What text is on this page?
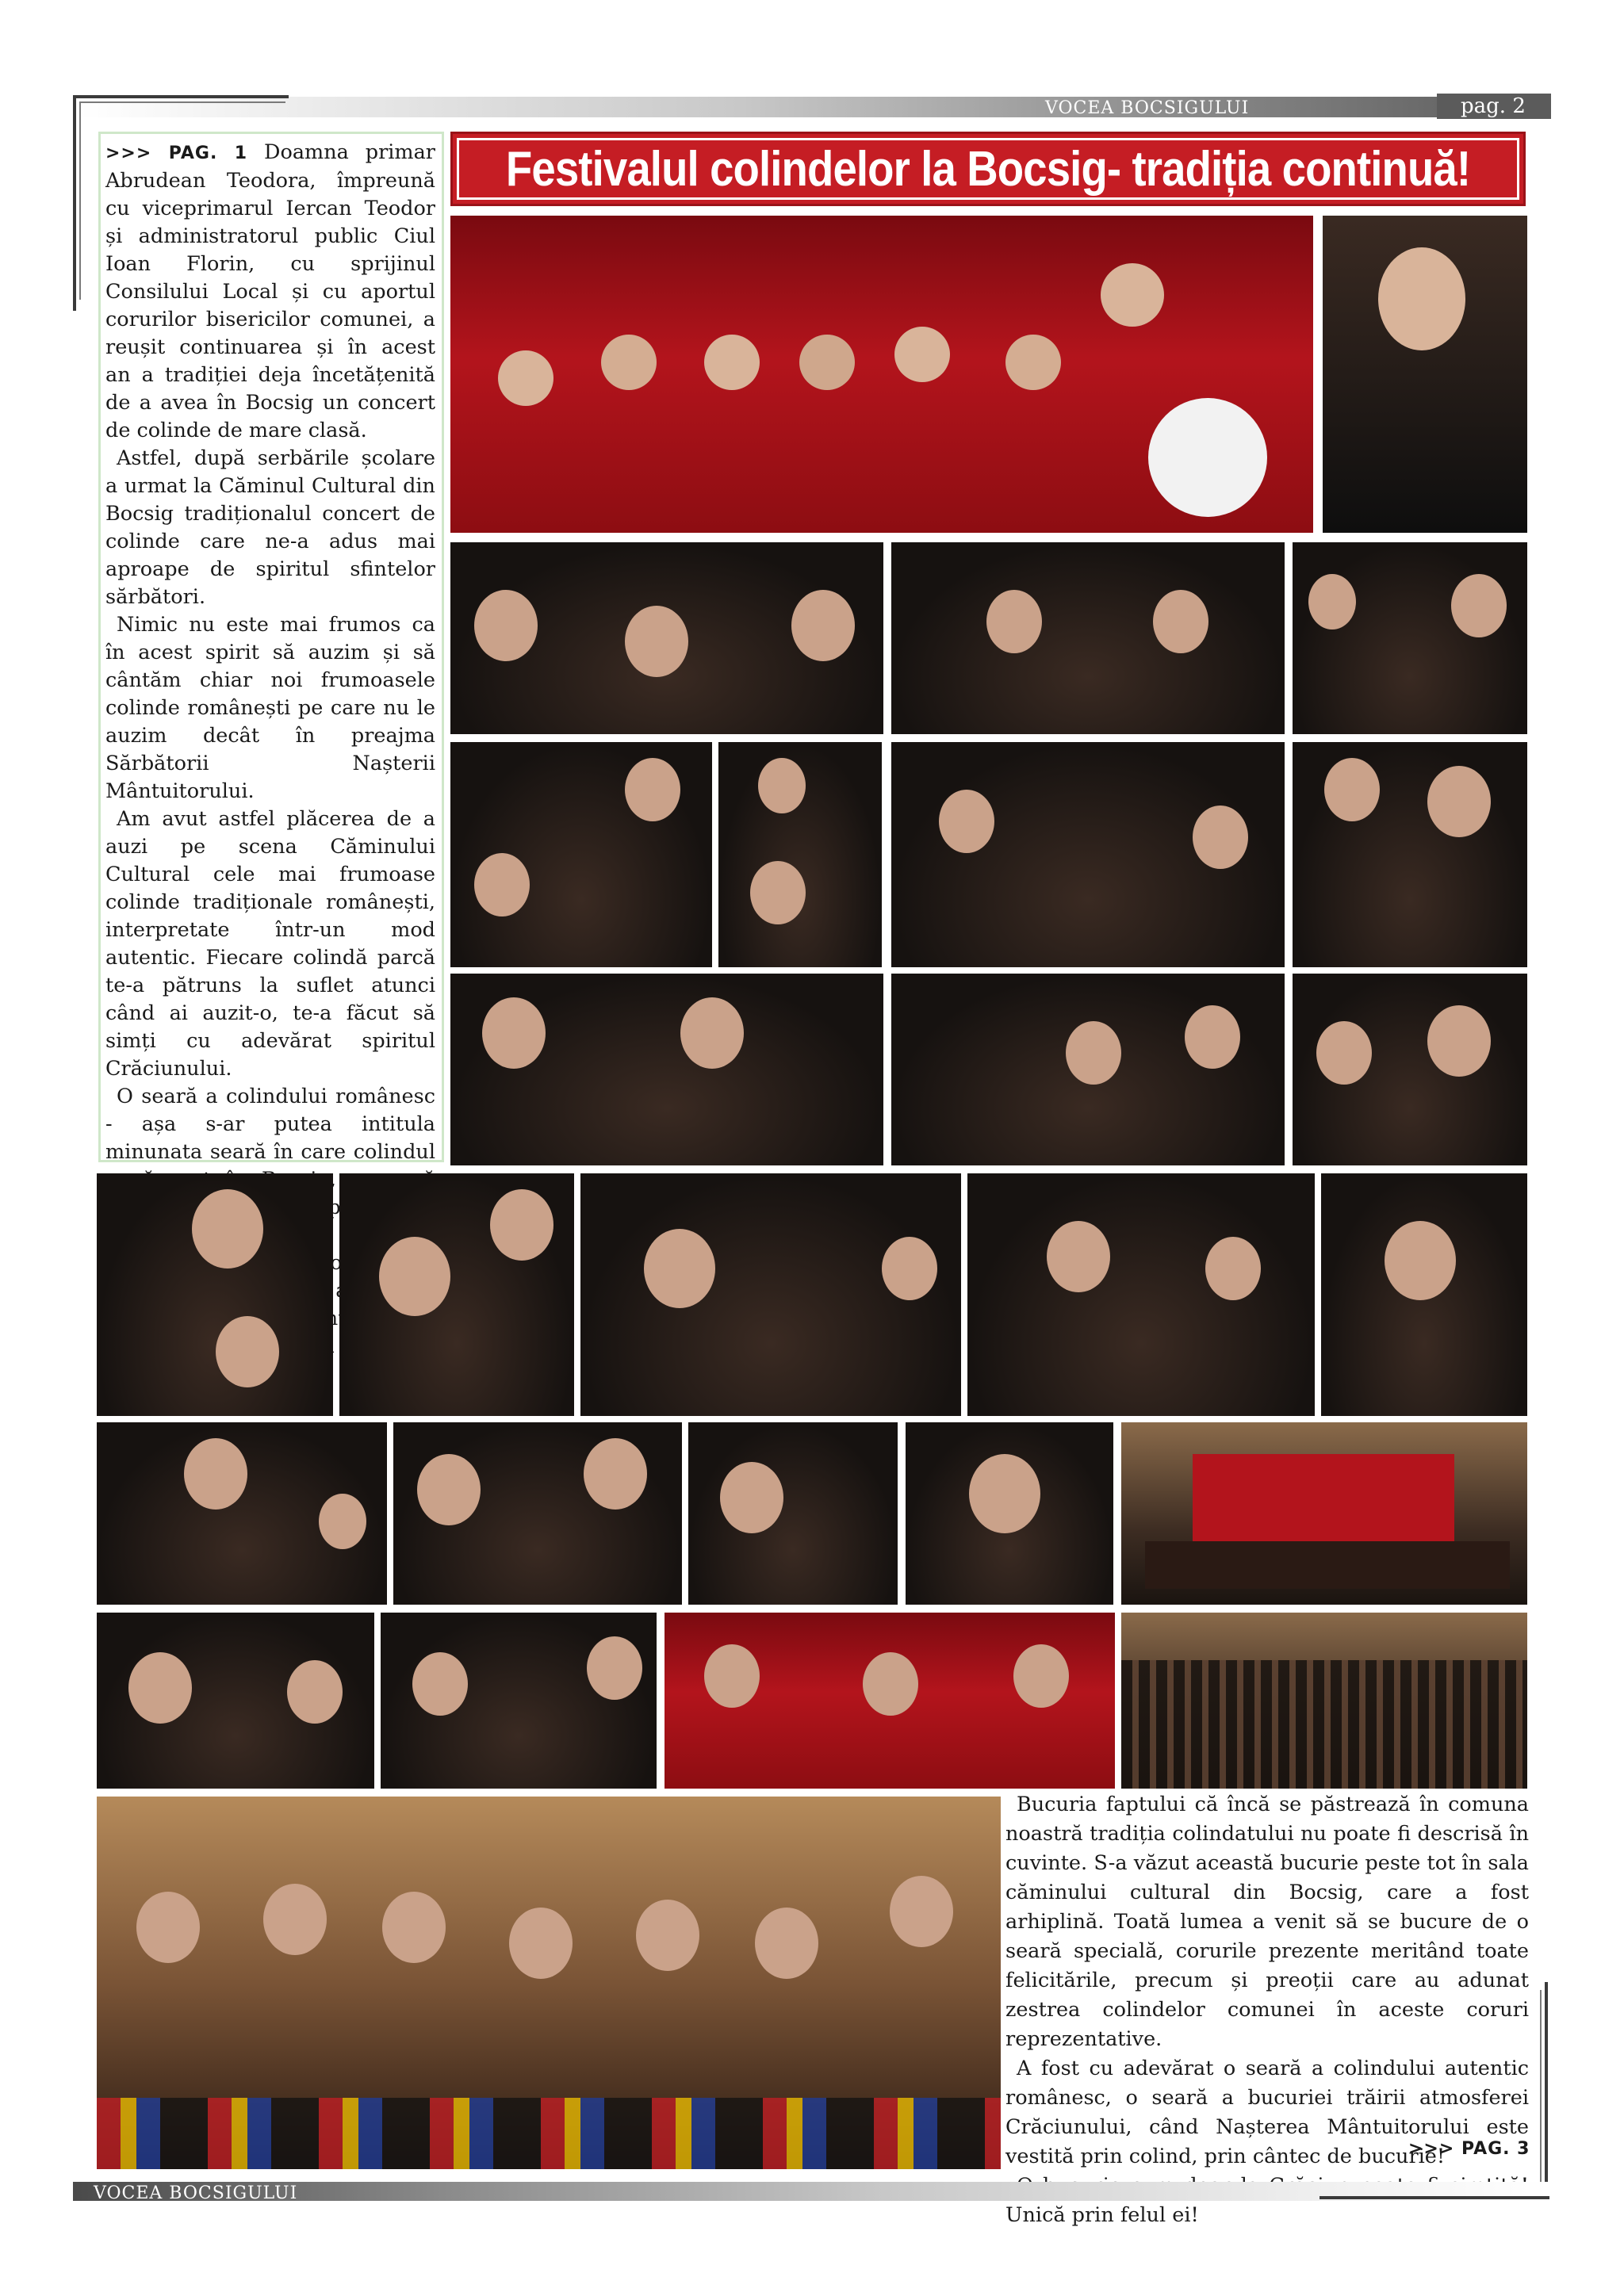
VOCEA BOCSIGULUI	pag. 2

>>> PAG. 1 Doamna primar Abrudean Teodora, împreună cu viceprimarul Iercan Teodor și administratorul public Ciul Ioan Florin, cu sprijinul Consilului Local și cu aportul corurilor bisericilor comunei, a reușit continuarea și în acest an a tradiției deja încetățenită de a avea în Bocsig un concert de colinde de mare clasă.

Astfel, după serbările școlare a urmat la Căminul Cultural din Bocsig tradiționalul concert de colinde care ne-a adus mai aproape de spiritul sfintelor sărbători.

Nimic nu este mai frumos ca în acest spirit să auzim și să cântăm chiar noi frumoasele colinde românești pe care nu le auzim decât în preajma Sărbătorii Nașterii Mântuitorului.

Am avut astfel plăcerea de a auzi pe scena Căminului Cultural cele mai frumoase colinde tradiționale românești, interpretate într-un mod autentic. Fiecare colindă parcă te-a pătruns la suflet atunci când ai auzit-o, te-a făcut să simți cu adevărat spiritul Crăciunului.

O seară a colindului românesc - așa s-ar putea intitula minunata seară în care colindul cor

Festivalul colindelor la Bocsig- tradiția continuă!

Bucuria faptului că încă se păstrează în comuna noastră tradiția colindatului nu poate fi descrisă în cuvinte. S-a văzut această bucurie peste tot în sala căminului cultural din Bocsig, care a fost arhiplină. Toată lumea a venit să se bucure de o seară specială, corurile prezente meritând toate felicitările, precum și preoții care au adunat zestrea colindelor comunei în aceste coruri reprezentative.

A fost cu adevărat o seară a colindului autentic românesc, o seară a bucuriei trăirii atmosferei Crăciunului, când Nașterea Mântuitorului este vestită prin colind, prin cântec de bucurie!

Unică prin felul ei!

>>> PAG. 3
VOCEA BOCSIGULUI
